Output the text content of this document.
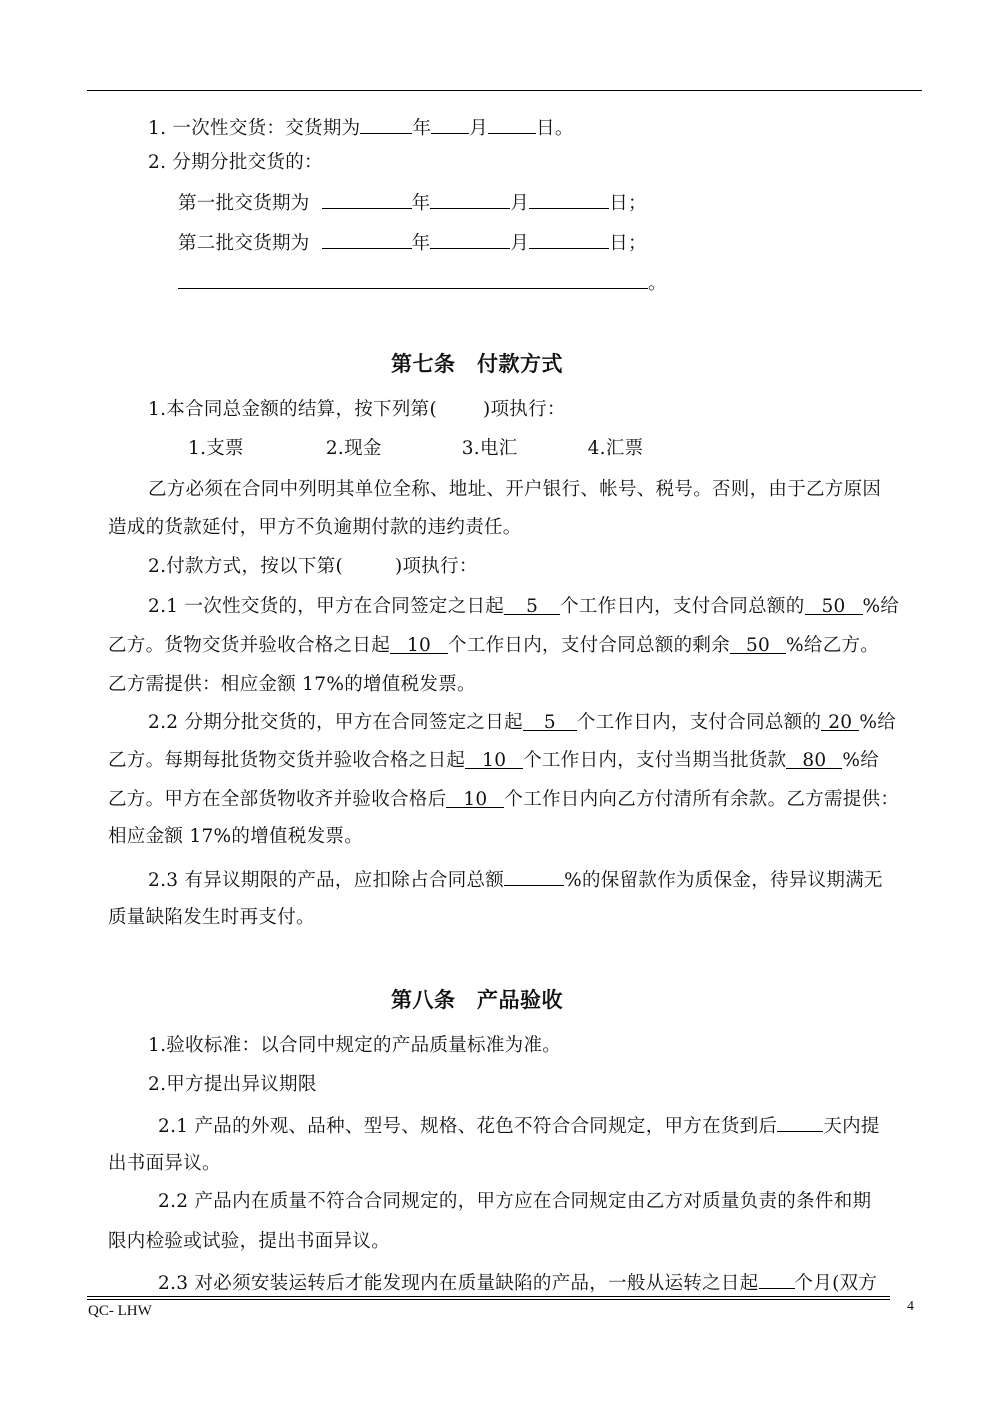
1. 一次性交货：交货期为	年 月	日。
2. 分期分批交货的：
第一批交货期为	年	月	日；
第二批交货期为	年	月	日；
。
第七条　付款方式
1.本合同总金额的结算，按下列第( )项执行：
1.支票	2.现金	3.电汇	4.汇票
乙方必须在合同中列明其单位全称、地址、开户银行、帐号、税号。否则，由于乙方原因
造成的货款延付，甲方不负逾期付款的违约责任。
2.付款方式，按以下第(	)项执行：
2.1 一次性交货的，甲方在合同签定之日起 5 个工作日内，支付合同总额的 50 %给
乙方。货物交货并验收合格之日起 10 个工作日内，支付合同总额的剩余 50 %给乙方。
乙方需提供：相应金额 17%的增值税发票。
2.2 分期分批交货的，甲方在合同签定之日起 5 个工作日内，支付合同总额的 20 %给
乙方。每期每批货物交货并验收合格之日起 10 个工作日内，支付当期当批货款 80 %给
乙方。甲方在全部货物收齐并验收合格后 10 个工作日内向乙方付清所有余款。乙方需提供：
相应金额 17%的增值税发票。
2.3 有异议期限的产品，应扣除占合同总额	%的保留款作为质保金，待异议期满无
质量缺陷发生时再支付。
第八条　产品验收
1.验收标准：以合同中规定的产品质量标准为准。
2.甲方提出异议期限
2.1 产品的外观、品种、型号、规格、花色不符合合同规定，甲方在货到后 天内提
出书面异议。
2.2 产品内在质量不符合合同规定的，甲方应在合同规定由乙方对质量负责的条件和期
限内检验或试验，提出书面异议。
2.3 对必须安装运转后才能发现内在质量缺陷的产品，一般从运转之日起 个月(双方
QC- LHW	4
